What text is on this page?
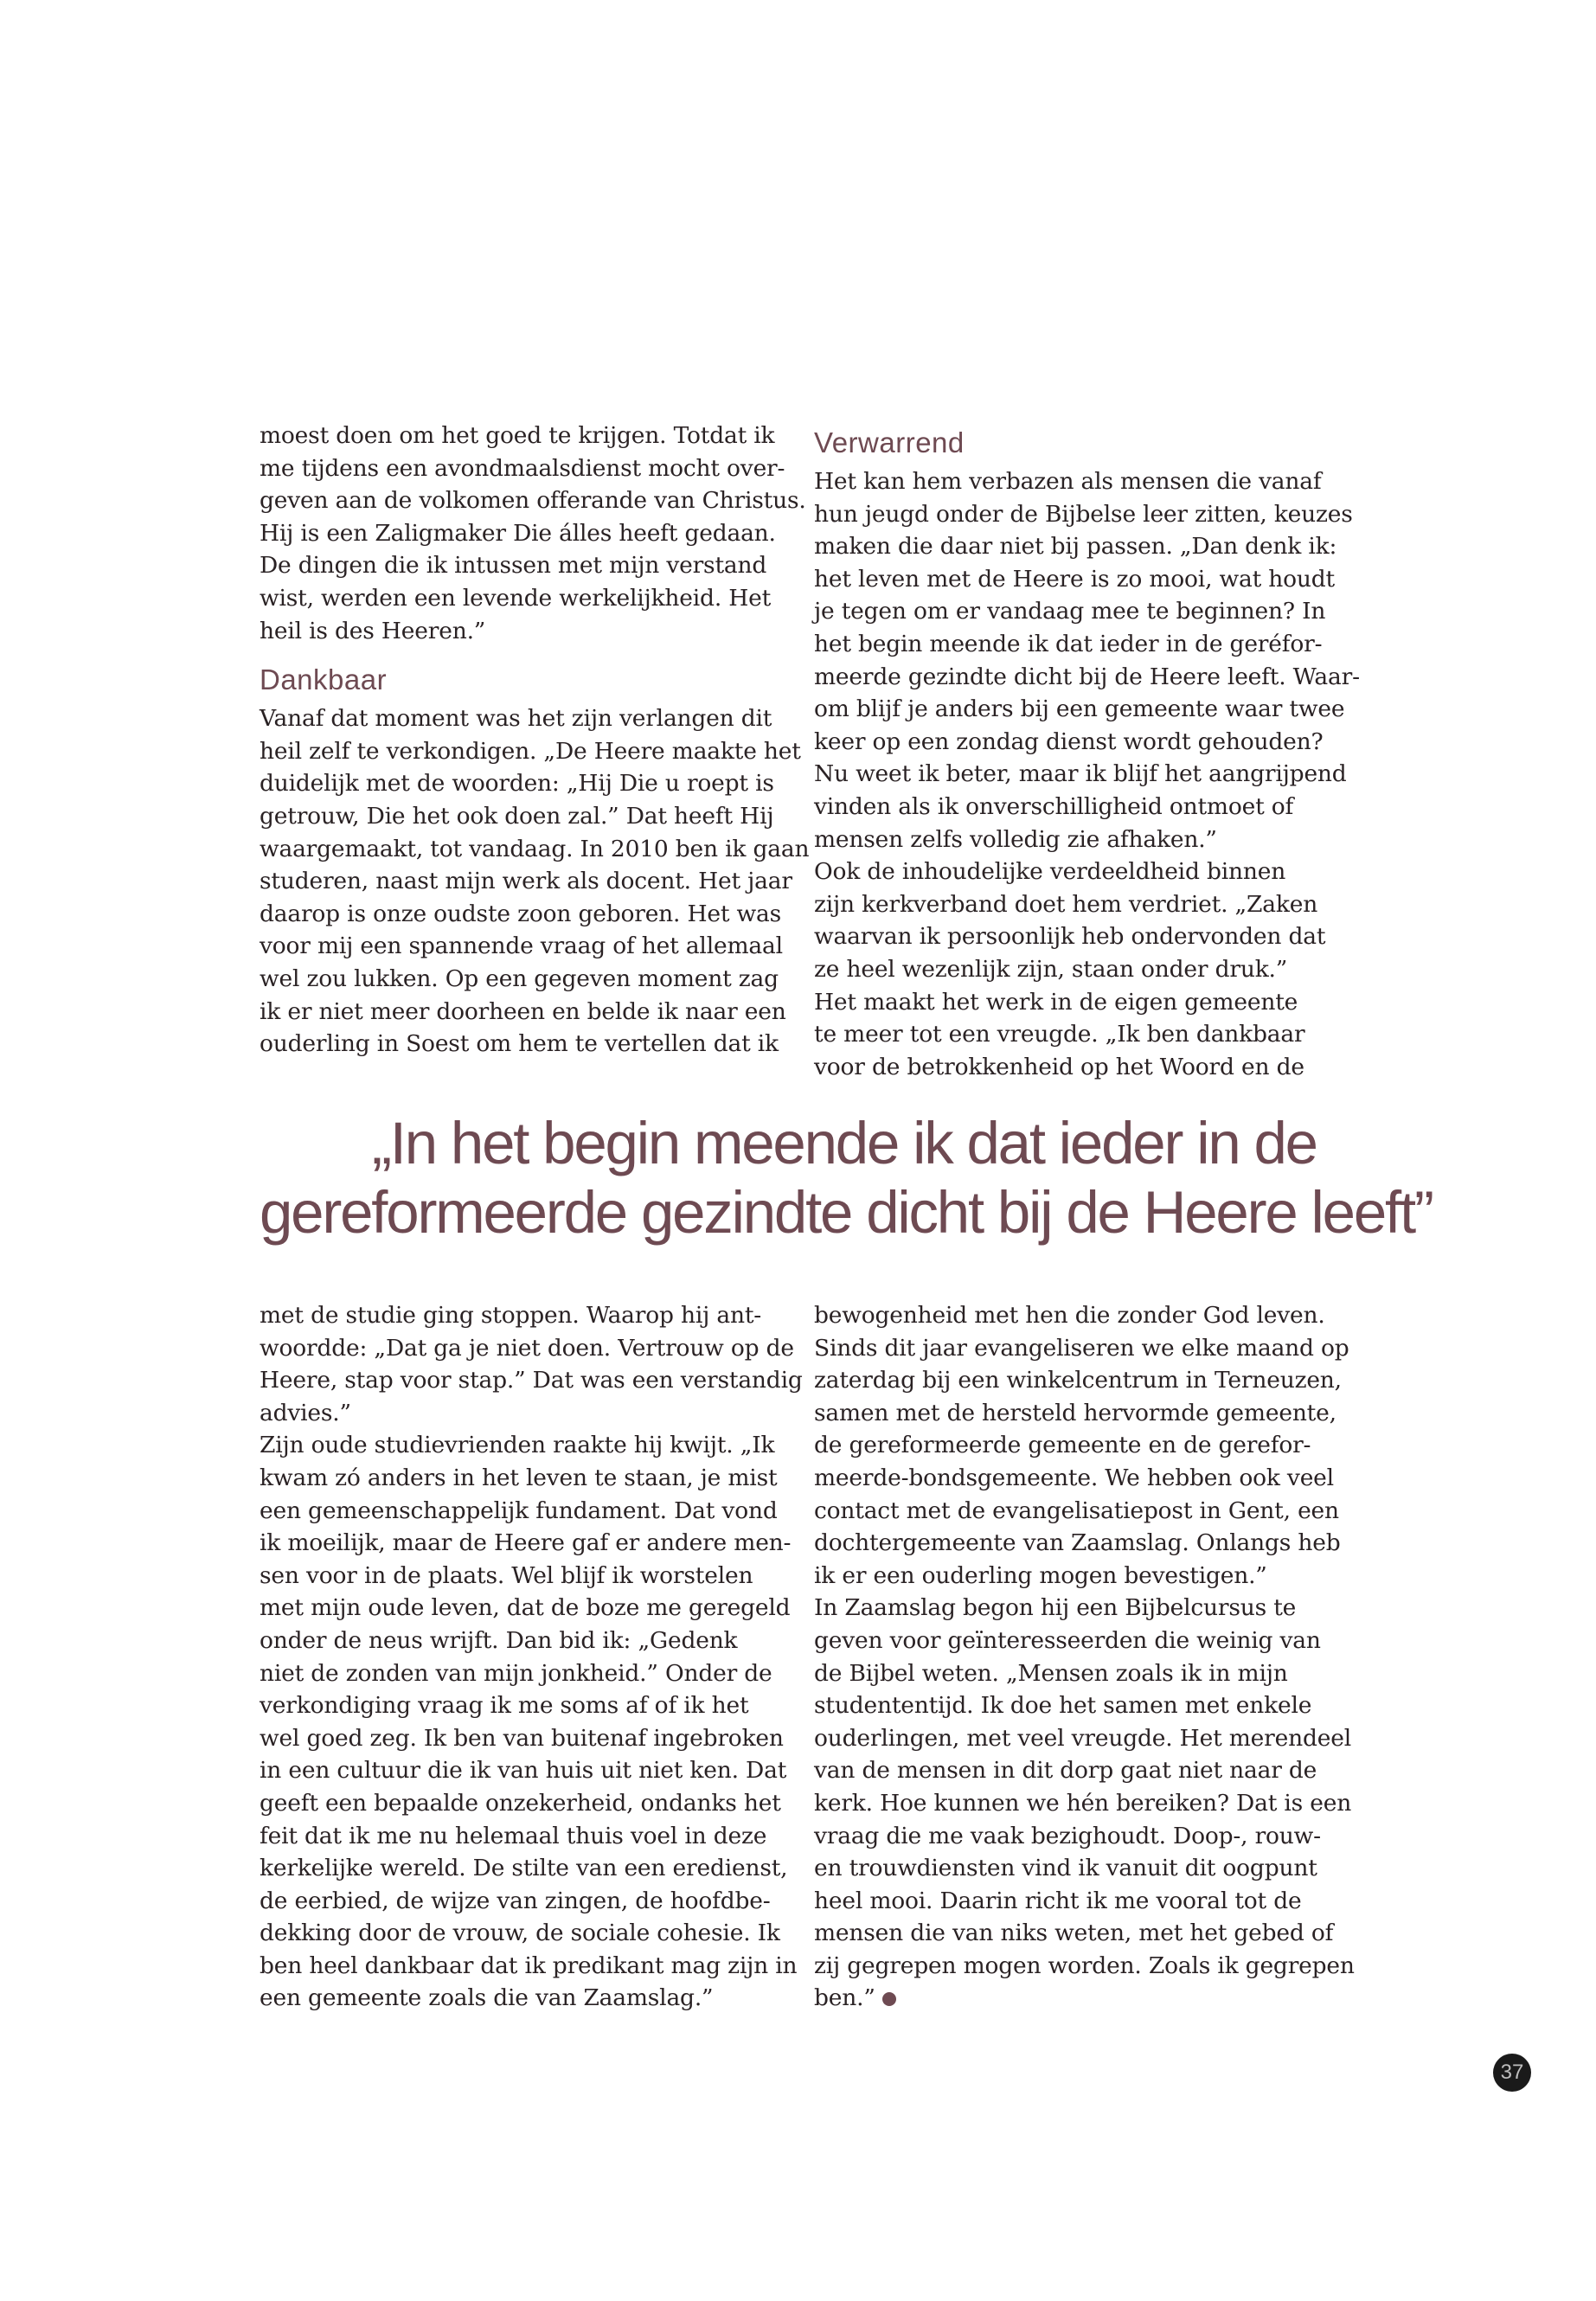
moest doen om het goed te krijgen. Totdat ik

me tijdens een avondmaalsdienst mocht over-

geven aan de volkomen offerande van Christus.

Hij is een Zaligmaker Die álles heeft gedaan.

De dingen die ik intussen met mijn verstand

wist, werden een levende werkelijkheid. Het

heil is des Heeren.”

Dankbaar

Vanaf dat moment was het zijn verlangen dit

heil zelf te verkondigen. „De Heere maakte het

duidelijk met de woorden: „Hij Die u roept is

getrouw, Die het ook doen zal.” Dat heeft Hij

waargemaakt, tot vandaag. In 2010 ben ik gaan

studeren, naast mijn werk als docent. Het jaar

daarop is onze oudste zoon geboren. Het was

voor mij een spannende vraag of het allemaal

wel zou lukken. Op een gegeven moment zag

ik er niet meer doorheen en belde ik naar een

ouderling in Soest om hem te vertellen dat ik

Verwarrend

Het kan hem verbazen als mensen die vanaf

hun jeugd onder de Bijbelse leer zitten, keuzes

maken die daar niet bij passen. „Dan denk ik:

het leven met de Heere is zo mooi, wat houdt

je tegen om er vandaag mee te beginnen? In

het begin meende ik dat ieder in de geréfor-

meerde gezindte dicht bij de Heere leeft. Waar-

om blijf je anders bij een gemeente waar twee

keer op een zondag dienst wordt gehouden?

Nu weet ik beter, maar ik blijf het aangrijpend

vinden als ik onverschilligheid ontmoet of

mensen zelfs volledig zie afhaken.”

Ook de inhoudelijke verdeeldheid binnen

zijn kerkverband doet hem verdriet. „Zaken

waarvan ik persoonlijk heb ondervonden dat

ze heel wezenlijk zijn, staan onder druk.”

Het maakt het werk in de eigen gemeente

te meer tot een vreugde. „Ik ben dankbaar

voor de betrokkenheid op het Woord en de

„In het begin meende ik dat ieder in de
gereformeerde gezindte dicht bij de Heere leeft”

met de studie ging stoppen. Waarop hij ant-

woordde: „Dat ga je niet doen. Vertrouw op de

Heere, stap voor stap.” Dat was een verstandig

advies.”

Zijn oude studievrienden raakte hij kwijt. „Ik

kwam zó anders in het leven te staan, je mist

een gemeenschappelijk fundament. Dat vond

ik moeilijk, maar de Heere gaf er andere men-

sen voor in de plaats. Wel blijf ik worstelen

met mijn oude leven, dat de boze me geregeld

onder de neus wrijft. Dan bid ik: „Gedenk

niet de zonden van mijn jonkheid.” Onder de

verkondiging vraag ik me soms af of ik het

wel goed zeg. Ik ben van buitenaf ingebroken

in een cultuur die ik van huis uit niet ken. Dat

geeft een bepaalde onzekerheid, ondanks het

feit dat ik me nu helemaal thuis voel in deze

kerkelijke wereld. De stilte van een eredienst,

de eerbied, de wijze van zingen, de hoofdbe-

dekking door de vrouw, de sociale cohesie. Ik

ben heel dankbaar dat ik predikant mag zijn in

een gemeente zoals die van Zaamslag.”

bewogenheid met hen die zonder God leven.

Sinds dit jaar evangeliseren we elke maand op

zaterdag bij een winkelcentrum in Terneuzen,

samen met de hersteld hervormde gemeente,

de gereformeerde gemeente en de gerefor-

meerde-bondsgemeente. We hebben ook veel

contact met de evangelisatiepost in Gent, een

dochtergemeente van Zaamslag. Onlangs heb

ik er een ouderling mogen bevestigen.”

In Zaamslag begon hij een Bijbelcursus te

geven voor geïnteresseerden die weinig van

de Bijbel weten. „Mensen zoals ik in mijn

studententijd. Ik doe het samen met enkele

ouderlingen, met veel vreugde. Het merendeel

van de mensen in dit dorp gaat niet naar de

kerk. Hoe kunnen we hén bereiken? Dat is een

vraag die me vaak bezighoudt. Doop-, rouw-

en trouwdiensten vind ik vanuit dit oogpunt

heel mooi. Daarin richt ik me vooral tot de

mensen die van niks weten, met het gebed of

zij gegrepen mogen worden. Zoals ik gegrepen

ben.”

37
